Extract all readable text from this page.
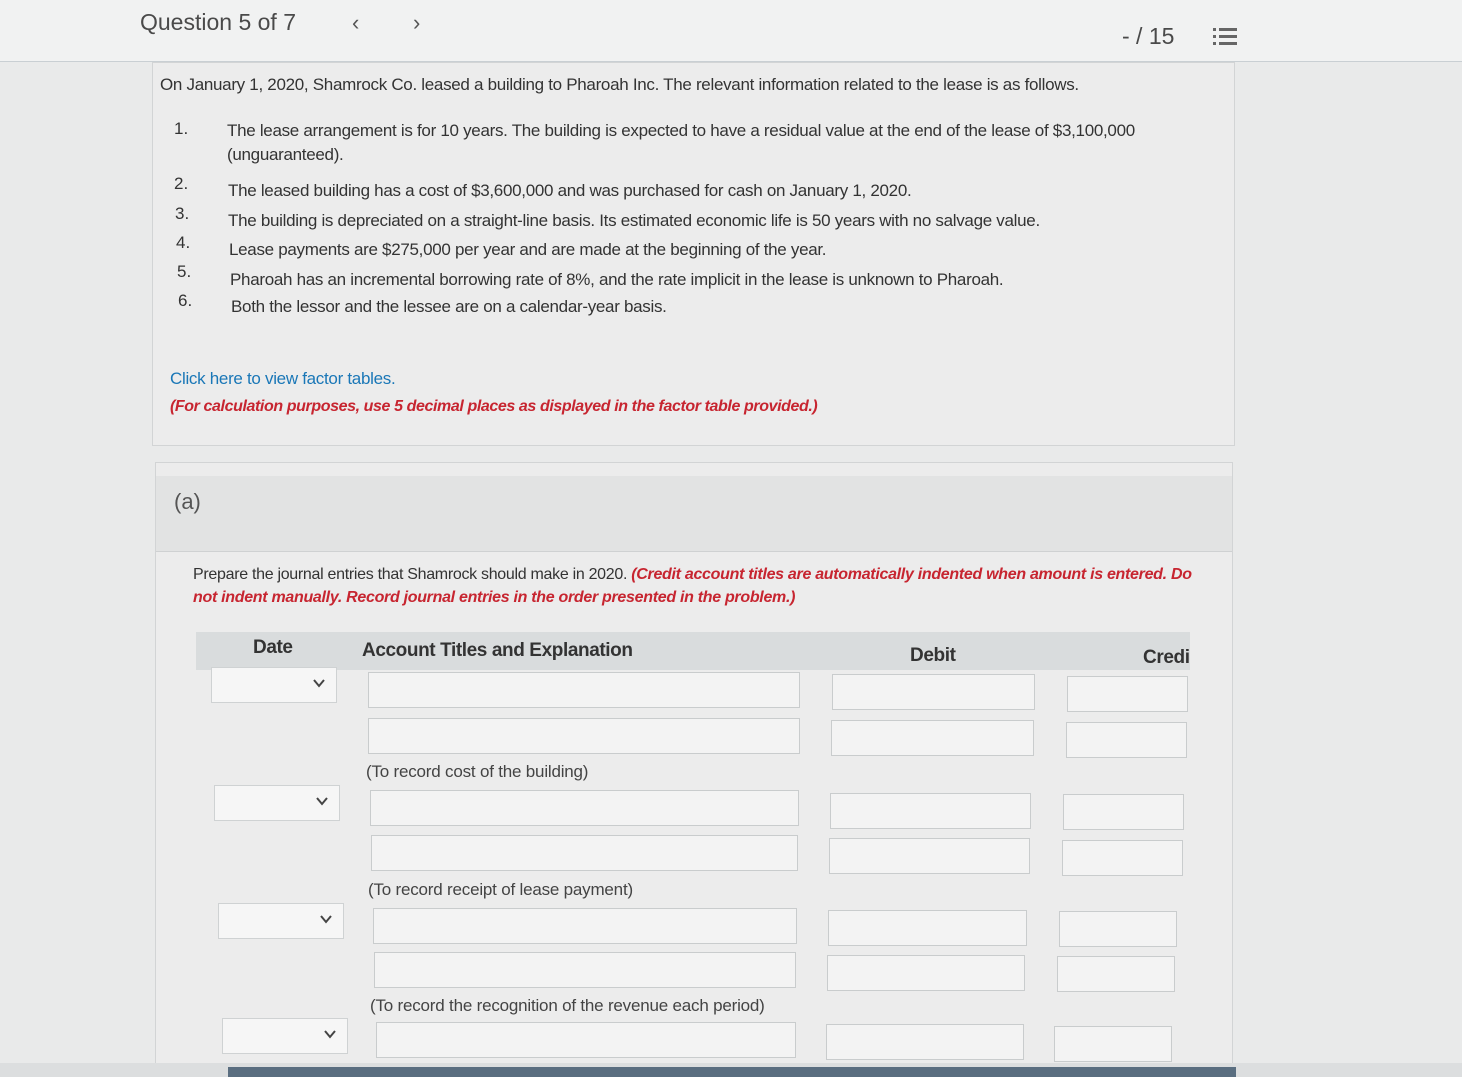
Question 5 of 7	‹ ›
- / 15
On January 1, 2020, Shamrock Co. leased a building to Pharoah Inc. The relevant information related to the lease is as follows.
1. The lease arrangement is for 10 years. The building is expected to have a residual value at the end of the lease of $3,100,000 (unguaranteed).
2. The leased building has a cost of $3,600,000 and was purchased for cash on January 1, 2020.
3. The building is depreciated on a straight-line basis. Its estimated economic life is 50 years with no salvage value.
4. Lease payments are $275,000 per year and are made at the beginning of the year.
5. Pharoah has an incremental borrowing rate of 8%, and the rate implicit in the lease is unknown to Pharoah.
6. Both the lessor and the lessee are on a calendar-year basis.
Click here to view factor tables.
(For calculation purposes, use 5 decimal places as displayed in the factor table provided.)
(a)
Prepare the journal entries that Shamrock should make in 2020. (Credit account titles are automatically indented when amount is entered. Do not indent manually. Record journal entries in the order presented in the problem.)
Date	Account Titles and Explanation	Debit	Credi
(To record cost of the building)
(To record receipt of lease payment)
(To record the recognition of the revenue each period)
